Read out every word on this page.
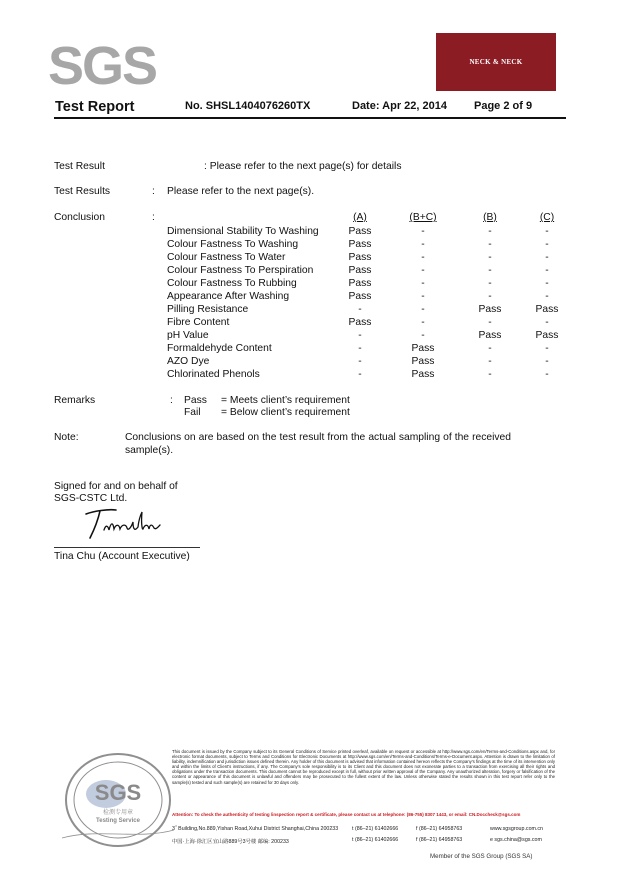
SGS	NECK & NECK
Test Report	No. SHSL1404076260TX	Date: Apr 22, 2014 Page 2 of 9
Test Result	: Please refer to the next page(s) for details
Test Results	: Please refer to the next page(s).
Conclusion	:	(A)	(B+C)	(B)	(C)
Dimensional Stability To Washing	Pass	-	-	-
Colour Fastness To Washing	Pass	-	-	-
Colour Fastness To Water	Pass	-	-	-
Colour Fastness To Perspiration	Pass	-	-	-
Colour Fastness To Rubbing	Pass	-	-	-
Appearance After Washing	Pass	-	-	-
Pilling Resistance	-	-	Pass	Pass
Fibre Content	Pass	-	-	-
pH Value	-	-	Pass	Pass
Formaldehyde Content	-	Pass	-	-
AZO Dye	-	Pass	-	-
Chlorinated Phenols	-	Pass	-	-
Remarks	: Pass = Meets client’s requirement
Fail = Below client’s requirement
Note:	Conclusions on are based on the test result from the actual sampling of the received sample(s).
Signed for and on behalf of
SGS-CSTC Ltd.
Tina Chu (Account Executive)
SGS
检测专用章
Testing Service
This document is issued by the Company subject to its General Conditions of Service printed overleaf, available on request or accessible at http://www.sgs.com/en/Terms-and-Conditions.aspx and, for electronic format documents, subject to Terms and Conditions for Electronic Documents at http://www.sgs.com/en/Terms-and-Conditions/Terms-e-Document.aspx. Attention is drawn to the limitation of liability, indemnification and jurisdiction issues defined therein. Any holder of this document is advised that information contained hereon reflects the Company's findings at the time of its intervention only and within the limits of Client's instructions, if any. The Company's sole responsibility is to its Client and this document does not exonerate parties to a transaction from exercising all their rights and obligations under the transaction documents. This document cannot be reproduced except in full, without prior written approval of the Company. Any unauthorized alteration, forgery or falsification of the content or appearance of this document is unlawful and offenders may be prosecuted to the fullest extent of the law. Unless otherwise stated the results shown in this test report refer only to the sample(s) tested and such sample(s) are retained for 30 days only.
Attention: To check the authenticity of testing /inspection report & certificate, please contact us at telephone: (86-755) 8307 1443, or email: CN.Doccheck@sgs.com
3˝ Building,No.889,Yishan Road,Xuhui District Shanghai,China 200233	t (86–21) 61402666	f (86–21) 64958763	www.sgsgroup.com.cn
中国·上海·徐汇区宜山路889号3号楼 邮编: 200233	t (86–21) 61402666	f (86–21) 64958763	e sgs.china@sgs.com
Member of the SGS Group (SGS SA)
